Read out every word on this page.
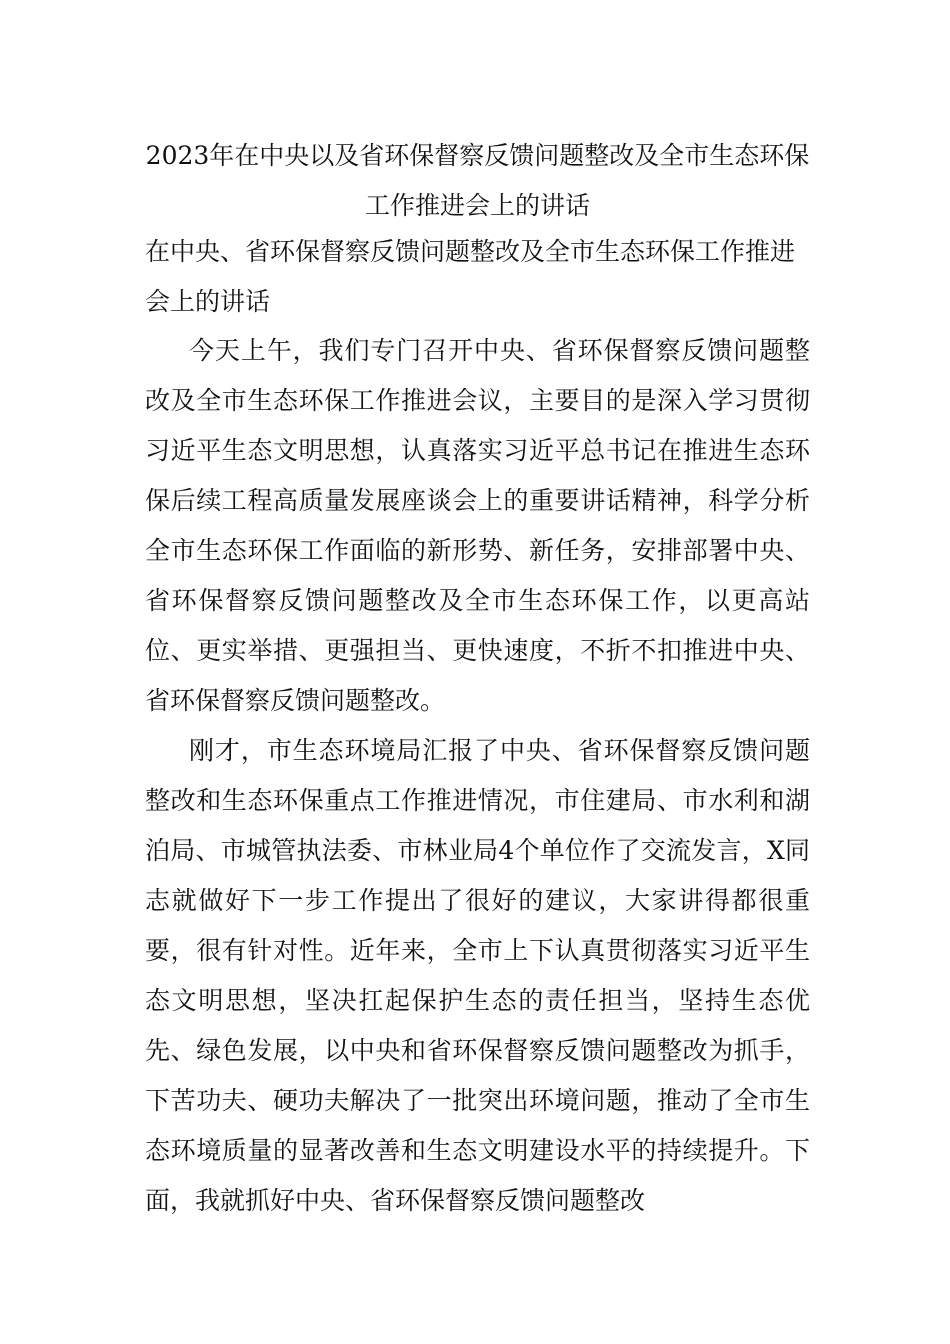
2023年在中央以及省环保督察反馈问题整改及全市生态环保工作推进会上的讲话

在中央、省环保督察反馈问题整改及全市生态环保工作推进会上的讲话

今天上午，我们专门召开中央、省环保督察反馈问题整改及全市生态环保工作推进会议，主要目的是深入学习贯彻习近平生态文明思想，认真落实习近平总书记在推进生态环保后续工程高质量发展座谈会上的重要讲话精神，科学分析全市生态环保工作面临的新形势、新任务，安排部署中央、省环保督察反馈问题整改及全市生态环保工作，以更高站位、更实举措、更强担当、更快速度，不折不扣推进中央、省环保督察反馈问题整改。

刚才，市生态环境局汇报了中央、省环保督察反馈问题整改和生态环保重点工作推进情况，市住建局、市水利和湖泊局、市城管执法委、市林业局4个单位作了交流发言，X同志就做好下一步工作提出了很好的建议，大家讲得都很重要，很有针对性。近年来，全市上下认真贯彻落实习近平生态文明思想，坚决扛起保护生态的责任担当，坚持生态优先、绿色发展，以中央和省环保督察反馈问题整改为抓手，下苦功夫、硬功夫解决了一批突出环境问题，推动了全市生态环境质量的显著改善和生态文明建设水平的持续提升。下面，我就抓好中央、省环保督察反馈问题整改
